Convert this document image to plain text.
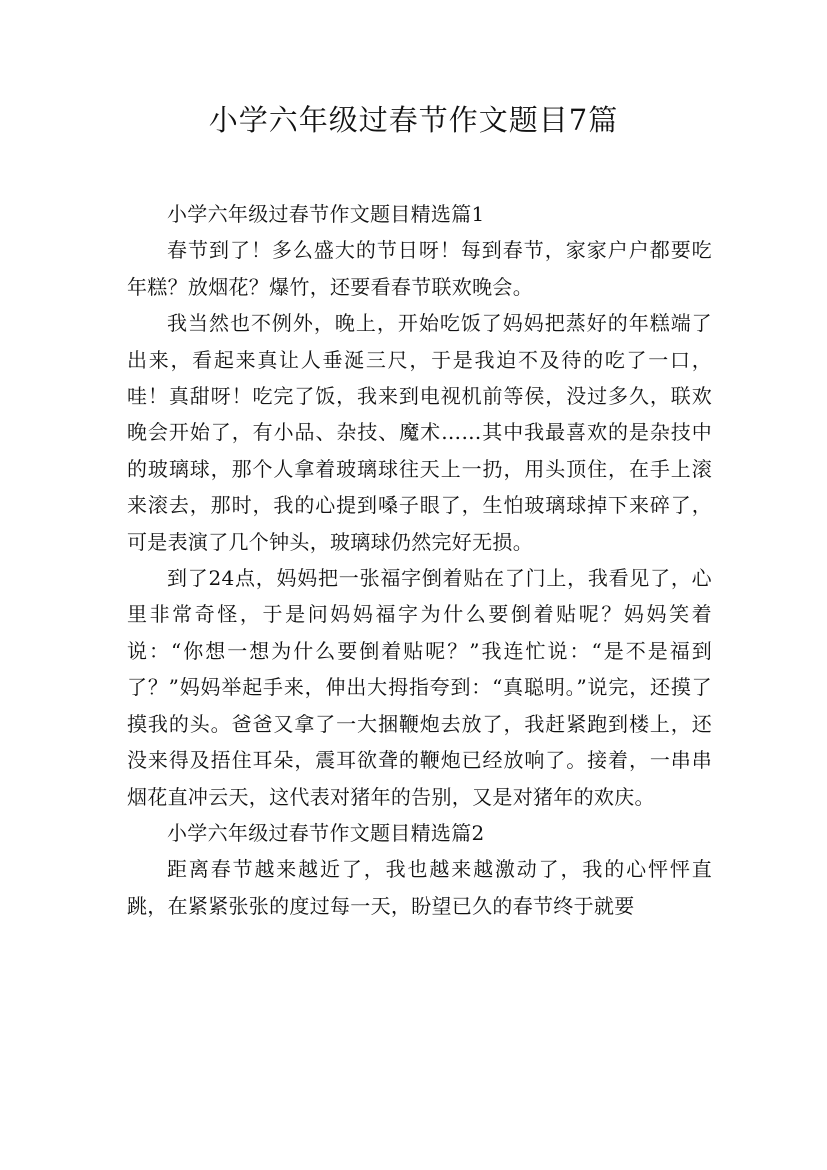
小学六年级过春节作文题目7篇

小学六年级过春节作文题目精选篇1

春节到了！多么盛大的节日呀！每到春节，家家户户都要吃年糕？放烟花？爆竹，还要看春节联欢晚会。

我当然也不例外，晚上，开始吃饭了妈妈把蒸好的年糕端了出来，看起来真让人垂涎三尺，于是我迫不及待的吃了一口，哇！真甜呀！吃完了饭，我来到电视机前等侯，没过多久，联欢晚会开始了，有小品、杂技、魔术……其中我最喜欢的是杂技中的玻璃球，那个人拿着玻璃球往天上一扔，用头顶住，在手上滚来滚去，那时，我的心提到嗓子眼了，生怕玻璃球掉下来碎了，可是表演了几个钟头，玻璃球仍然完好无损。

到了24点，妈妈把一张福字倒着贴在了门上，我看见了，心里非常奇怪，于是问妈妈福字为什么要倒着贴呢？妈妈笑着说：“你想一想为什么要倒着贴呢？”我连忙说：“是不是福到了？”妈妈举起手来，伸出大拇指夸到：“真聪明。”说完，还摸了摸我的头。爸爸又拿了一大捆鞭炮去放了，我赶紧跑到楼上，还没来得及捂住耳朵，震耳欲聋的鞭炮已经放响了。接着，一串串烟花直冲云天，这代表对猪年的告别，又是对猪年的欢庆。

小学六年级过春节作文题目精选篇2

距离春节越来越近了，我也越来越激动了，我的心怦怦直跳，在紧紧张张的度过每一天，盼望已久的春节终于就要
